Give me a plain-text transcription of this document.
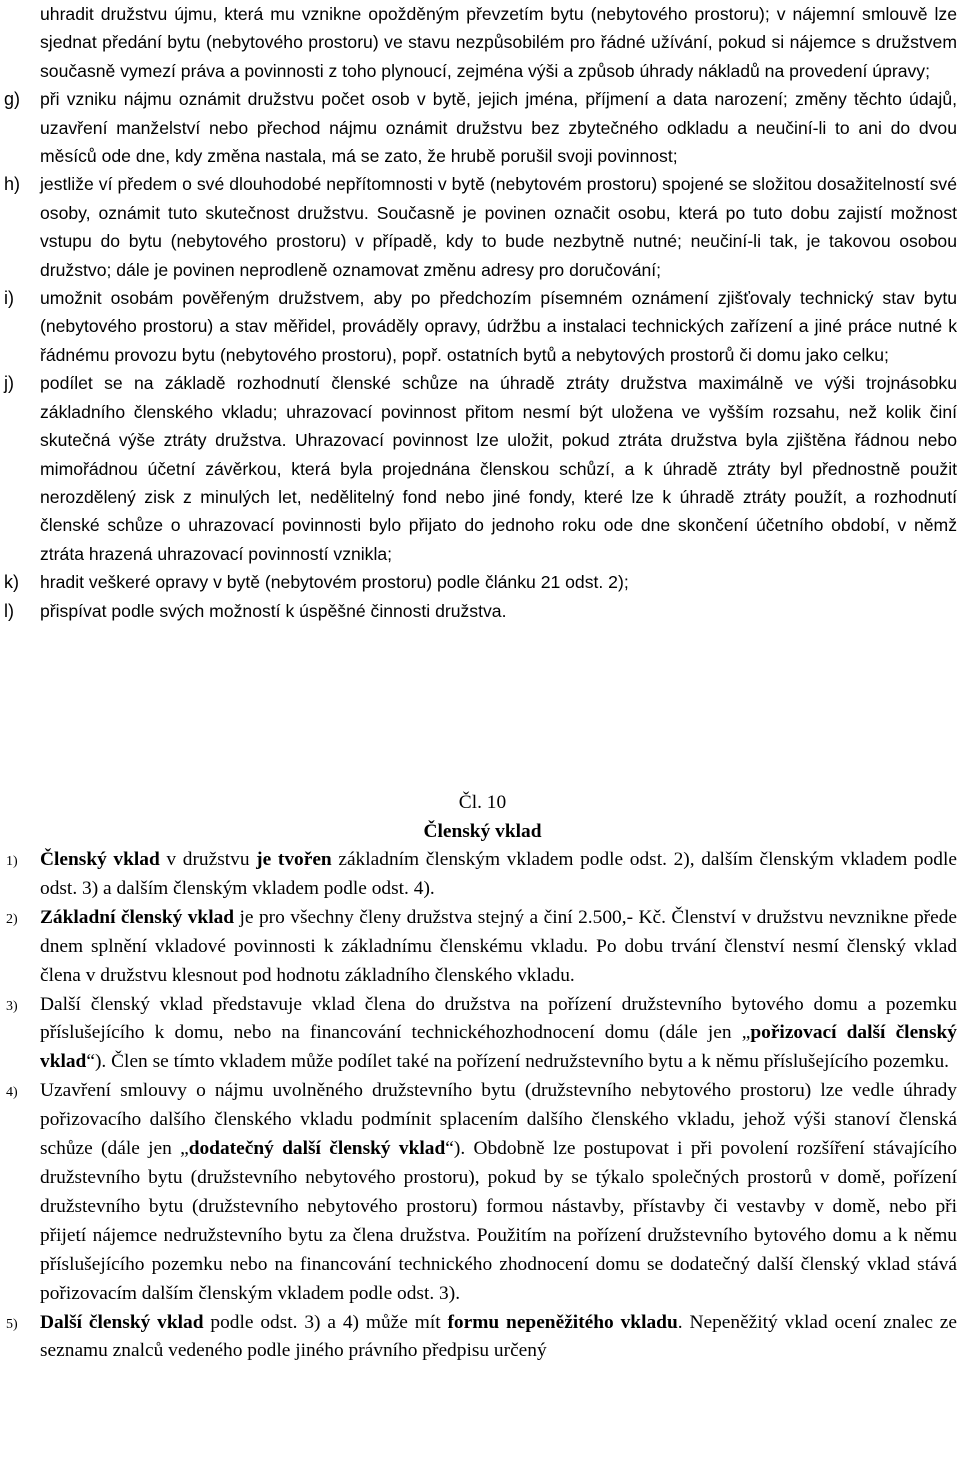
uhradit družstvu újmu, která mu vznikne opožděným převzetím bytu (nebytového prostoru); v nájemní smlouvě lze sjednat předání bytu (nebytového prostoru) ve stavu nezpůsobilém pro řádné užívání, pokud si nájemce s družstvem současně vymezí práva a povinnosti z toho plynoucí, zejména výši a způsob úhrady nákladů na provedení úpravy;
g) při vzniku nájmu oznámit družstvu počet osob v bytě, jejich jména, příjmení a data narození; změny těchto údajů, uzavření manželství nebo přechod nájmu oznámit družstvu bez zbytečného odkladu a neučiní-li to ani do dvou měsíců ode dne, kdy změna nastala, má se zato, že hrubě porušil svoji povinnost;
h) jestliže ví předem o své dlouhodobé nepřítomnosti v bytě (nebytovém prostoru) spojené se složitou dosažitelností své osoby, oznámit tuto skutečnost družstvu. Současně je povinen označit osobu, která po tuto dobu zajistí možnost vstupu do bytu (nebytového prostoru) v případě, kdy to bude nezbytně nutné; neučiní-li tak, je takovou osobou družstvo; dále je povinen neprodleně oznamovat změnu adresy pro doručování;
i) umožnit osobám pověřeným družstvem, aby po předchozím písemném oznámení zjišťovaly technický stav bytu (nebytového prostoru) a stav měřidel, prováděly opravy, údržbu a instalaci technických zařízení a jiné práce nutné k řádnému provozu bytu (nebytového prostoru), popř. ostatních bytů a nebytových prostorů či domu jako celku;
j) podílet se na základě rozhodnutí členské schůze na úhradě ztráty družstva maximálně ve výši trojnásobku základního členského vkladu; uhrazovací povinnost přitom nesmí být uložena ve vyšším rozsahu, než kolik činí skutečná výše ztráty družstva. Uhrazovací povinnost lze uložit, pokud ztráta družstva byla zjištěna řádnou nebo mimořádnou účetní závěrkou, která byla projednána členskou schůzí, a k úhradě ztráty byl přednostně použit nerozdělený zisk z minulých let, nedělitelný fond nebo jiné fondy, které lze k úhradě ztráty použít, a rozhodnutí členské schůze o uhrazovací povinnosti bylo přijato do jednoho roku ode dne skončení účetního období, v němž ztráta hrazená uhrazovací povinností vznikla;
k) hradit veškeré opravy v bytě (nebytovém prostoru) podle článku 21 odst. 2);
l) přispívat podle svých možností k úspěšné činnosti družstva.
Čl. 10
Členský vklad
1) Členský vklad v družstvu je tvořen základním členským vkladem podle odst. 2), dalším členským vkladem podle odst. 3) a dalším členským vkladem podle odst. 4).
2) Základní členský vklad je pro všechny členy družstva stejný a činí 2.500,- Kč. Členství v družstvu nevznikne přede dnem splnění vkladové povinnosti k základnímu členskému vkladu. Po dobu trvání členství nesmí členský vklad člena v družstvu klesnout pod hodnotu základního členského vkladu.
3) Další členský vklad představuje vklad člena do družstva na pořízení družstevního bytového domu a pozemku příslušejícího k domu, nebo na financování technickéhozhodnocení domu (dále jen „pořizovací další členský vklad“). Člen se tímto vkladem může podílet také na pořízení nedružstevního bytu a k němu příslušejícího pozemku.
4) Uzavření smlouvy o nájmu uvolněného družstevního bytu (družstevního nebytového prostoru) lze vedle úhrady pořizovacího dalšího členského vkladu podmínit splacením dalšího členského vkladu, jehož výši stanoví členská schůze (dále jen „dodatečný další členský vklad“). Obdobně lze postupovat i při povolení rozšíření stávajícího družstevního bytu (družstevního nebytového prostoru), pokud by se týkalo společných prostorů v domě, pořízení družstevního bytu (družstevního nebytového prostoru) formou nástavby, přístavby či vestavby v domě, nebo při přijetí nájemce nedružstevního bytu za člena družstva. Použitím na pořízení družstevního bytového domu a k němu příslušejícího pozemku nebo na financování technického zhodnocení domu se dodatečný další členský vklad stává pořizovacím dalším členským vkladem podle odst. 3).
5) Další členský vklad podle odst. 3) a 4) může mít formu nepeněžitého vkladu. Nepeněžitý vklad ocení znalec ze seznamu znalců vedeného podle jiného právního předpisu určený
